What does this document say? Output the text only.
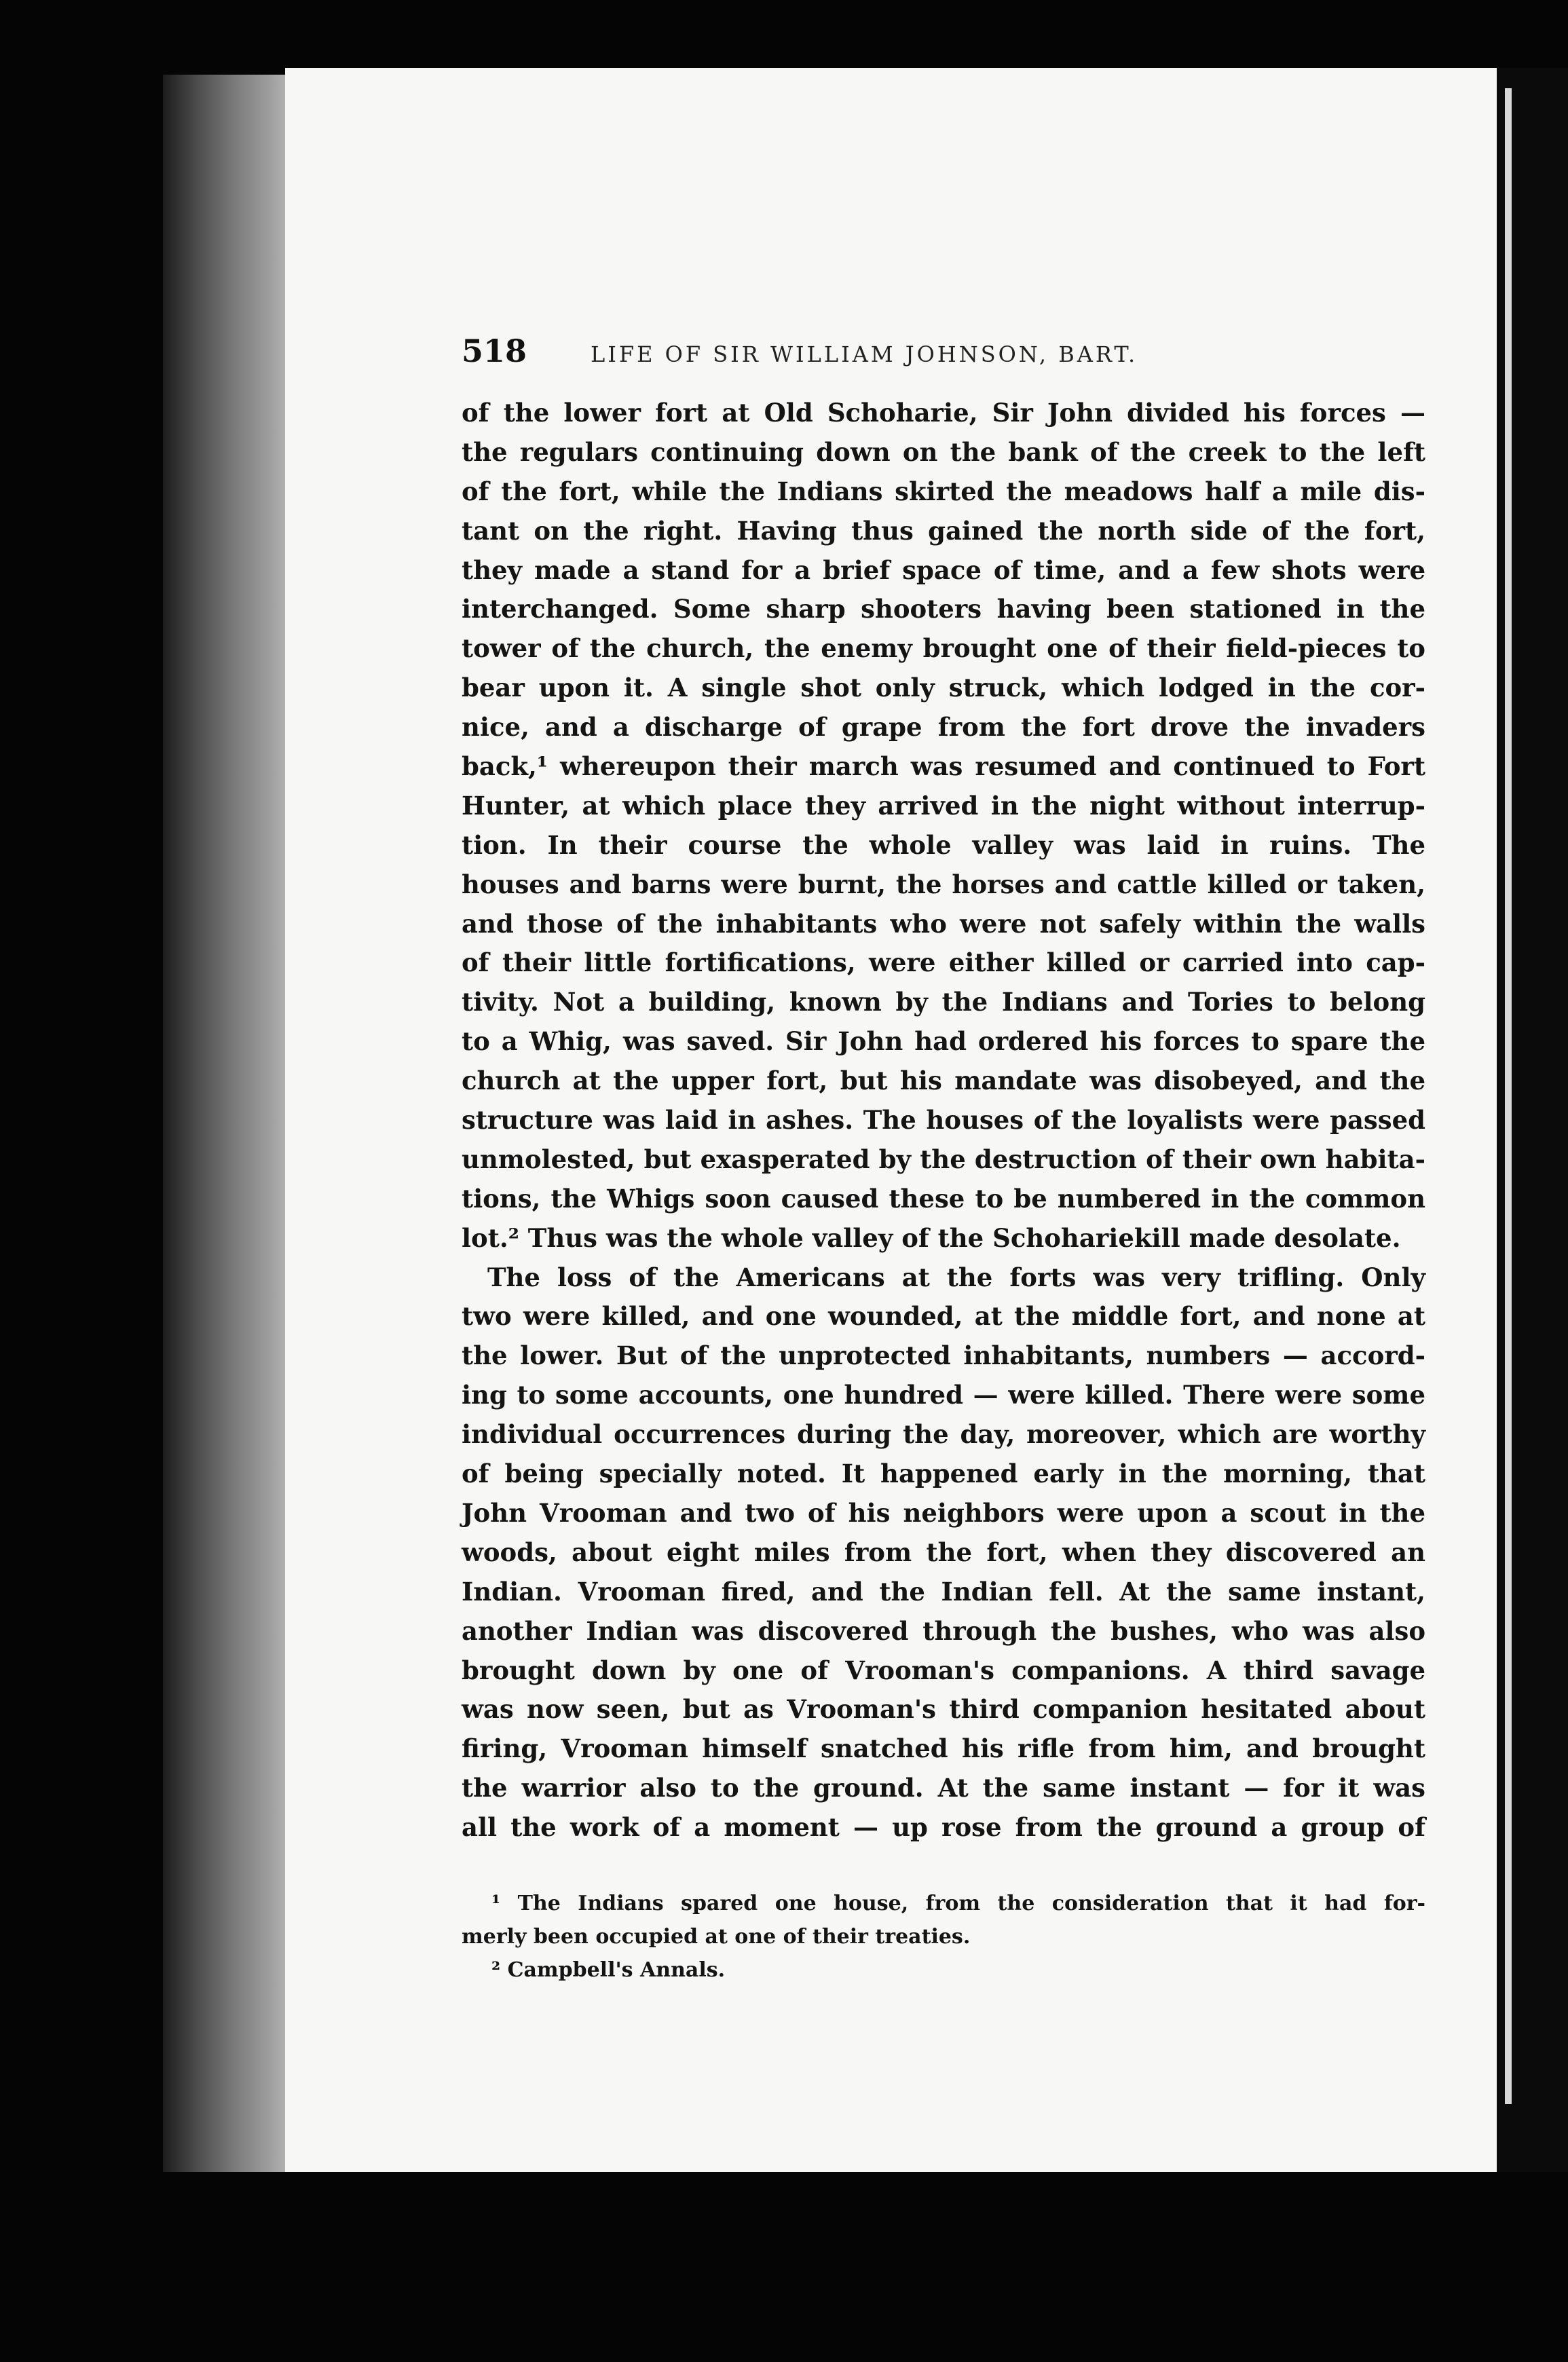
518	LIFE OF SIR WILLIAM JOHNSON, BART.
of the lower fort at Old Schoharie, Sir John divided his forces —
the regulars continuing down on the bank of the creek to the left
of the fort, while the Indians skirted the meadows half a mile dis-
tant on the right. Having thus gained the north side of the fort,
they made a stand for a brief space of time, and a few shots were
interchanged. Some sharp shooters having been stationed in the
tower of the church, the enemy brought one of their field-pieces to
bear upon it. A single shot only struck, which lodged in the cor-
nice, and a discharge of grape from the fort drove the invaders
back,¹ whereupon their march was resumed and continued to Fort
Hunter, at which place they arrived in the night without interrup-
tion. In their course the whole valley was laid in ruins. The
houses and barns were burnt, the horses and cattle killed or taken,
and those of the inhabitants who were not safely within the walls
of their little fortifications, were either killed or carried into cap-
tivity. Not a building, known by the Indians and Tories to belong
to a Whig, was saved. Sir John had ordered his forces to spare the
church at the upper fort, but his mandate was disobeyed, and the
structure was laid in ashes. The houses of the loyalists were passed
unmolested, but exasperated by the destruction of their own habita-
tions, the Whigs soon caused these to be numbered in the common
lot.² Thus was the whole valley of the Schohariekill made desolate.
The loss of the Americans at the forts was very trifling. Only
two were killed, and one wounded, at the middle fort, and none at
the lower. But of the unprotected inhabitants, numbers — accord-
ing to some accounts, one hundred — were killed. There were some
individual occurrences during the day, moreover, which are worthy
of being specially noted. It happened early in the morning, that
John Vrooman and two of his neighbors were upon a scout in the
woods, about eight miles from the fort, when they discovered an
Indian. Vrooman fired, and the Indian fell. At the same instant,
another Indian was discovered through the bushes, who was also
brought down by one of Vrooman's companions. A third savage
was now seen, but as Vrooman's third companion hesitated about
firing, Vrooman himself snatched his rifle from him, and brought
the warrior also to the ground. At the same instant — for it was
all the work of a moment — up rose from the ground a group of
¹ The Indians spared one house, from the consideration that it had for-
merly been occupied at one of their treaties.
² Campbell's Annals.
